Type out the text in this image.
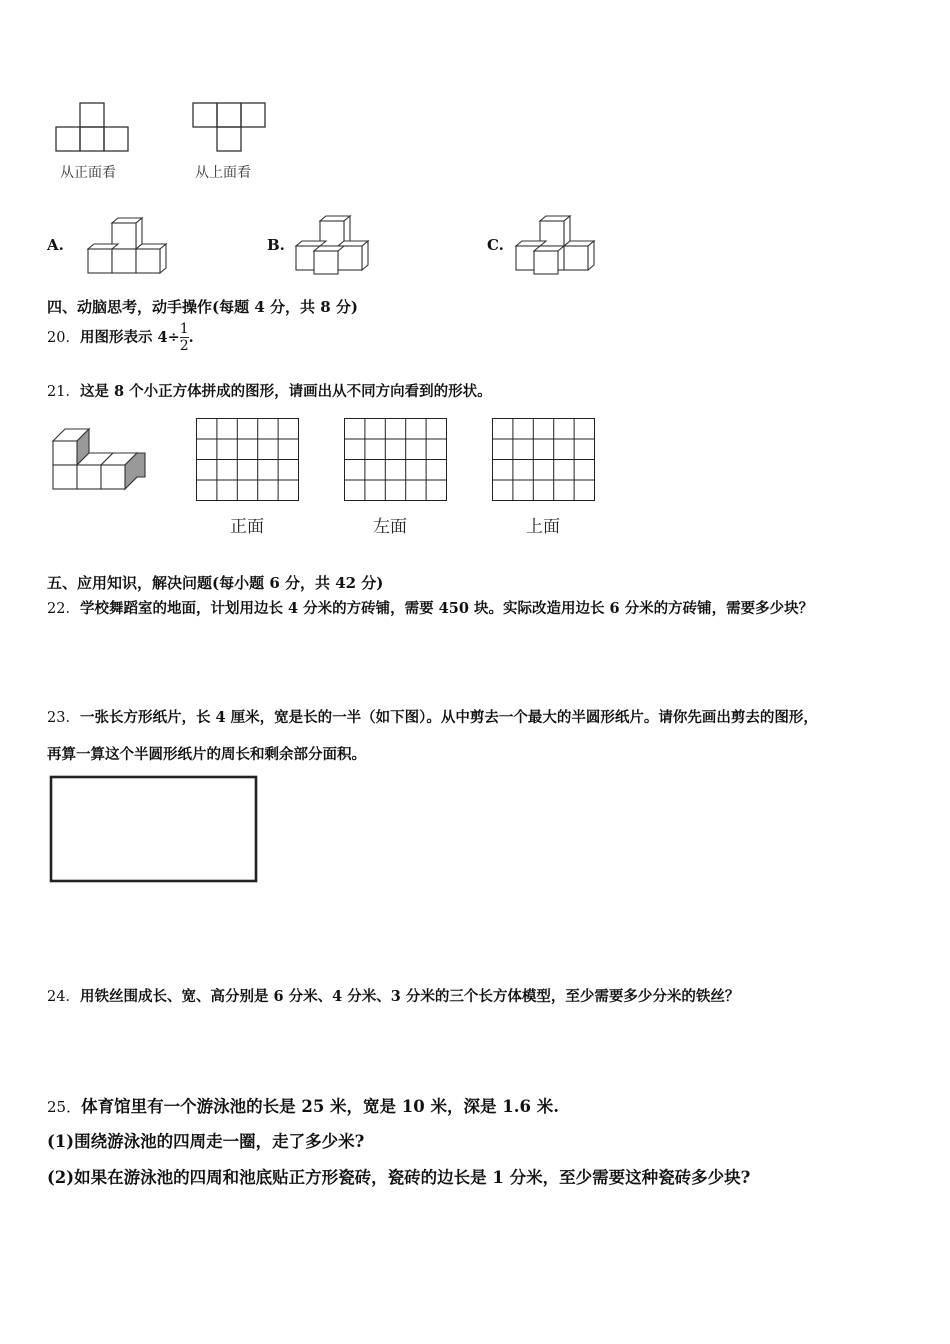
从正面看	从上面看
A.	B.	C.
四、动脑思考，动手操作(每题 4 分，共 8 分)
20．用图形表示 $4\div \frac{1}{2}$ .
21．这是 8 个小正方体拼成的图形，请画出从不同方向看到的形状。
正面	左面	上面
五、应用知识，解决问题(每小题 6 分，共 42 分)
22．学校舞蹈室的地面，计划用边长 4 分米的方砖铺，需要 450 块。实际改造用边长 6 分米的方砖铺，需要多少块？
23．一张长方形纸片，长 4 厘米，宽是长的一半（如下图）。从中剪去一个最大的半圆形纸片。请你先画出剪去的图形，
再算一算这个半圆形纸片的周长和剩余部分面积。
24．用铁丝围成长、宽、高分别是 6 分米、4 分米、3 分米的三个长方体模型，至少需要多少分米的铁丝？
25．体育馆里有一个游泳池的长是 25 米，宽是 10 米，深是 1.6 米.
(1)围绕游泳池的四周走一圈，走了多少米?
(2)如果在游泳池的四周和池底贴正方形瓷砖，瓷砖的边长是 1 分米，至少需要这种瓷砖多少块?
